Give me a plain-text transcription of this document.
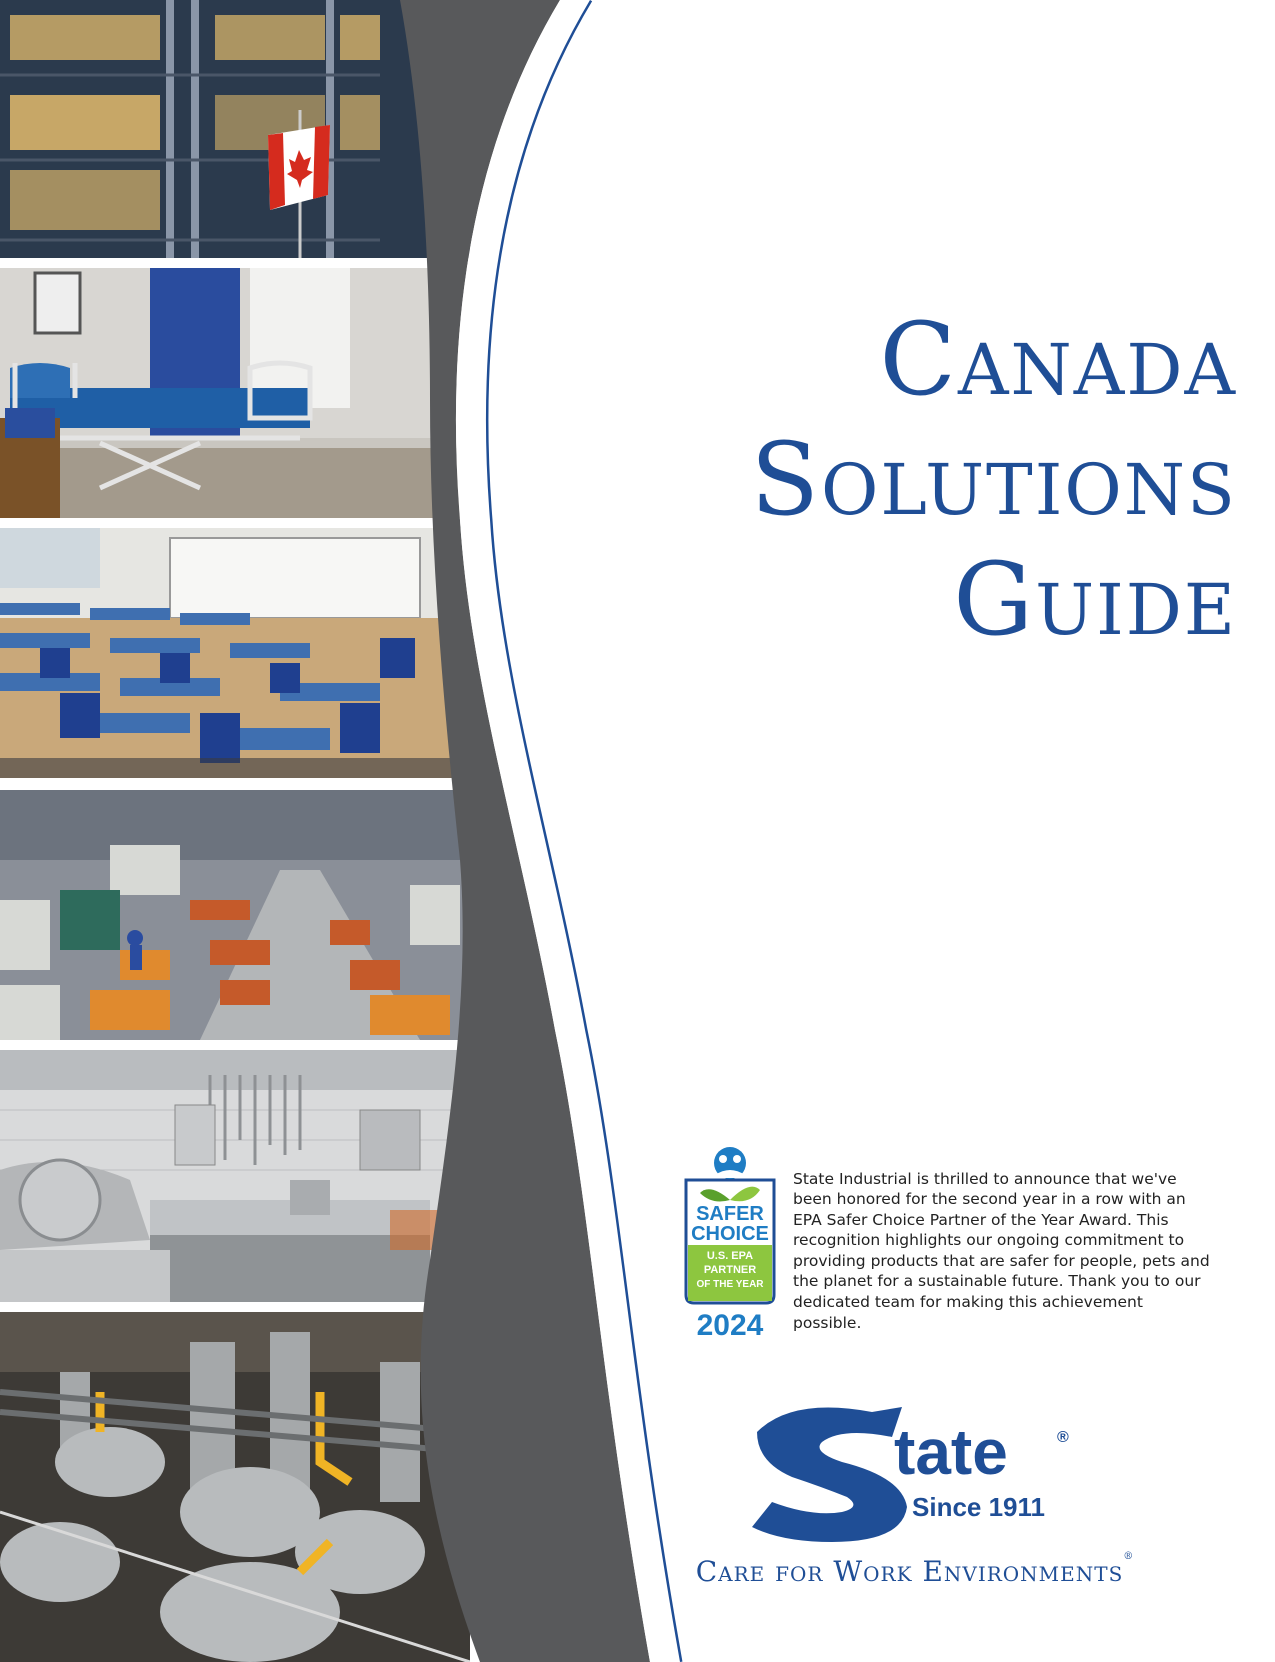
Canada
Solutions
Guide
SAFER
CHOICE
U.S. EPA
PARTNER
OF THE YEAR
2024

State Industrial is thrilled to announce that we've been honored for the second year in a row with an EPA Safer Choice Partner of the Year Award. This recognition highlights our ongoing commitment to providing products that are safer for people, pets and the planet for a sustainable future. Thank you to our dedicated team for making this achievement possible.

tate	®
Since 1911
Care for Work Environments®
